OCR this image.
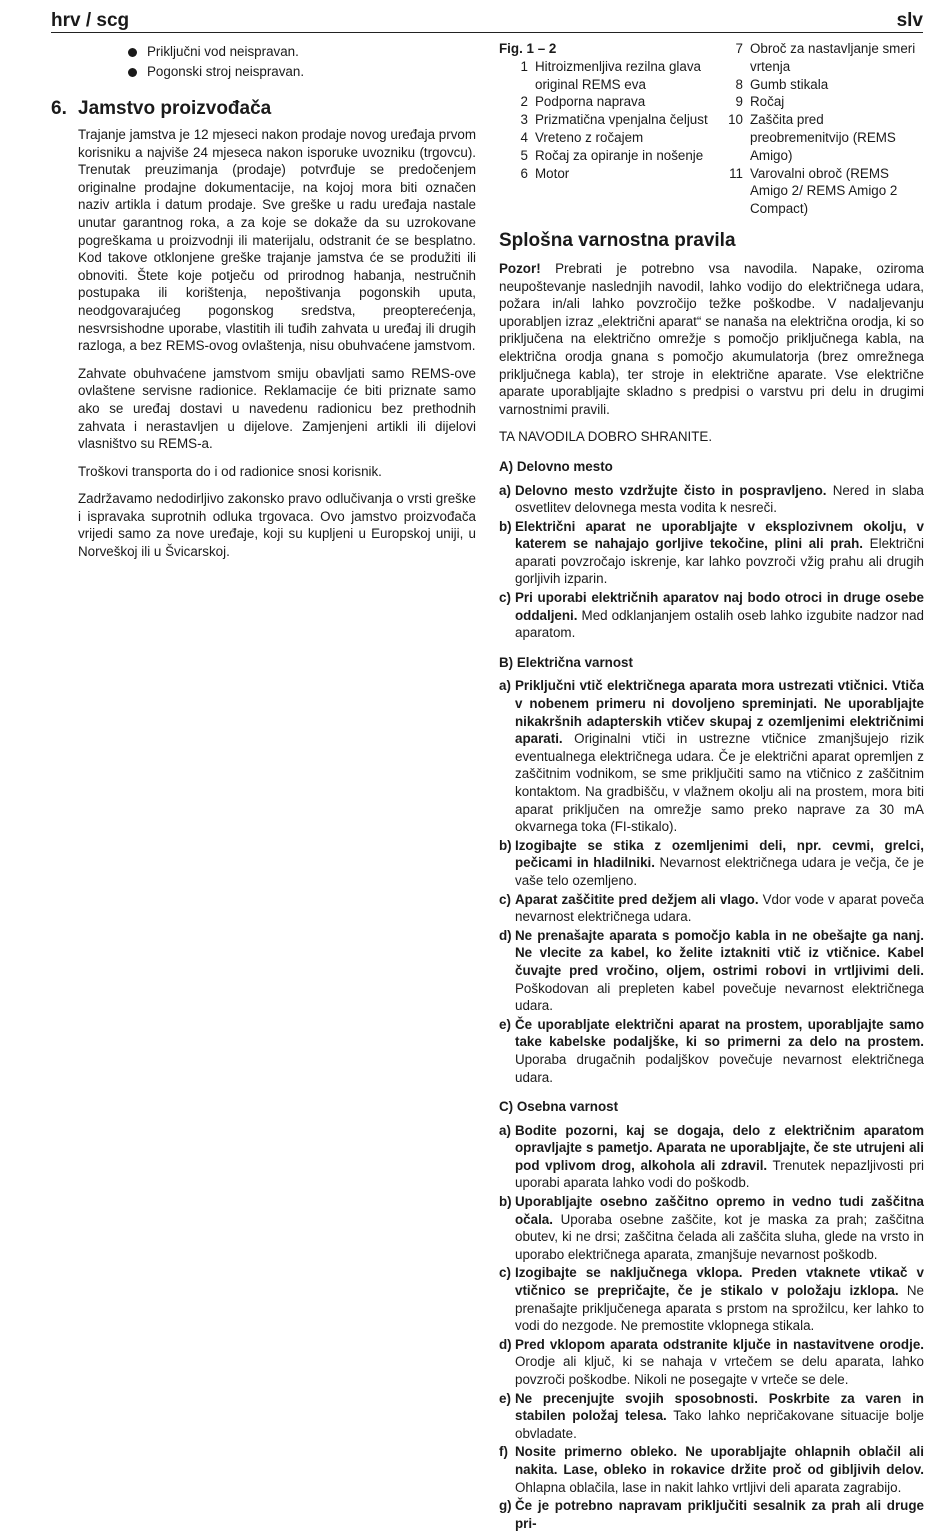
hrv / scg	slv
Priključni vod neispravan.
Pogonski stroj neispravan.
6. Jamstvo proizvođača

Trajanje jamstva je 12 mjeseci nakon prodaje novog uređaja prvom korisniku a najviše 24 mjeseca nakon isporuke uvozniku (trgovcu). Trenutak preuzimanja (prodaje) potvrđuje se predočenjem originalne prodajne dokumentacije, na kojoj mora biti označen naziv artikla i datum prodaje. Sve greške u radu uređaja nastale unutar garantnog roka, a za koje se dokaže da su uzrokovane pogreškama u proizvodnji ili materijalu, odstranit će se besplatno. Kod takove otklonjene greške trajanje jamstva će se produžiti ili obnoviti. Štete koje potječu od prirodnog habanja, nestručnih postupaka ili korištenja, nepoštivanja pogonskih uputa, neodgovarajućeg pogonskog sredstva, preopterećenja, nesvrsishodne uporabe, vlastitih ili tuđih zahvata u uređaj ili drugih razloga, a bez REMS-ovog ovlaštenja, nisu obuhvaćene jamstvom.

Zahvate obuhvaćene jamstvom smiju obavljati samo REMS-ove ovlaštene servisne radionice. Reklamacije će biti priznate samo ako se uređaj dostavi u navedenu radionicu bez prethodnih zahvata i nerastavljen u dijelove. Zamjenjeni artikli ili dijelovi vlasništvo su REMS-a.

Troškovi transporta do i od radionice snosi korisnik.

Zadržavamo nedodirljivo zakonsko pravo odlučivanja o vrsti greške i ispravaka suprotnih odluka trgovaca. Ovo jamstvo proizvođača vrijedi samo za nove uređaje, koji su kupljeni u Europskoj uniji, u Norveškoj ili u Švicarskoj.

Fig. 1 – 2
1 Hitroizmenljiva rezilna glava original REMS eva
2 Podporna naprava
3 Prizmatična vpenjalna čeljust
4 Vreteno z ročajem
5 Ročaj za opiranje in nošenje
6 Motor
7 Obroč za nastavljanje smeri vrtenja
8 Gumb stikala
9 Ročaj
10 Zaščita pred preobremenitvijo (REMS Amigo)
11 Varovalni obroč (REMS Amigo 2/ REMS Amigo 2 Compact)
Splošna varnostna pravila

Pozor! Prebrati je potrebno vsa navodila. Napake, oziroma neupoštevanje naslednjih navodil, lahko vodijo do električnega udara, požara in/ali lahko povzročijo težke poškodbe. V nadaljevanju uporabljen izraz „električni aparat“ se nanaša na električna orodja, ki so priključena na električno omrežje s pomočjo priključnega kabla, na električna orodja gnana s pomočjo akumulatorja (brez omrežnega priključnega kabla), ter stroje in električne aparate. Vse električne aparate uporabljajte skladno s predpisi o varstvu pri delu in drugimi varnostnimi pravili.

TA NAVODILA DOBRO SHRANITE.

A) Delovno mesto
a) Delovno mesto vzdržujte čisto in pospravljeno. Nered in slaba osvetlitev delovnega mesta vodita k nesreči.

b) Električni aparat ne uporabljajte v eksplozivnem okolju, v katerem se nahajajo gorljive tekočine, plini ali prah. Električni aparati povzročajo iskrenje, kar lahko povzroči vžig prahu ali drugih gorljivih izparin.

c) Pri uporabi električnih aparatov naj bodo otroci in druge osebe oddaljeni. Med odklanjanjem ostalih oseb lahko izgubite nadzor nad aparatom.

B) Električna varnost
a) Priključni vtič električnega aparata mora ustrezati vtičnici. Vtiča v nobenem primeru ni dovoljeno spreminjati. Ne uporabljajte nikakršnih adapterskih vtičev skupaj z ozemljenimi električnimi aparati. Originalni vtiči in ustrezne vtičnice zmanjšujejo rizik eventualnega električnega udara. Če je električni aparat opremljen z zaščitnim vodnikom, se sme priključiti samo na vtičnico z zaščitnim kontaktom. Na gradbišču, v vlažnem okolju ali na prostem, mora biti aparat priključen na omrežje samo preko naprave za 30 mA okvarnega toka (FI-stikalo).

b) Izogibajte se stika z ozemljenimi deli, npr. cevmi, grelci, pečicami in hladilniki. Nevarnost električnega udara je večja, če je vaše telo ozemljeno.

c) Aparat zaščitite pred dežjem ali vlago. Vdor vode v aparat poveča nevarnost električnega udara.

d) Ne prenašajte aparata s pomočjo kabla in ne obešajte ga nanj. Ne vlecite za kabel, ko želite iztakniti vtič iz vtičnice. Kabel čuvajte pred vročino, oljem, ostrimi robovi in vrtljivimi deli. Poškodovan ali prepleten kabel povečuje nevarnost električnega udara.

e) Če uporabljate električni aparat na prostem, uporabljajte samo take kabelske podaljške, ki so primerni za delo na prostem. Uporaba drugačnih podaljškov povečuje nevarnost električnega udara.

C) Osebna varnost
a) Bodite pozorni, kaj se dogaja, delo z električnim aparatom opravljajte s pametjo. Aparata ne uporabljajte, če ste utrujeni ali pod vplivom drog, alkohola ali zdravil. Trenutek nepazljivosti pri uporabi aparata lahko vodi do poškodb.

b) Uporabljajte osebno zaščitno opremo in vedno tudi zaščitna očala. Uporaba osebne zaščite, kot je maska za prah; zaščitna obutev, ki ne drsi; zaščitna čelada ali zaščita sluha, glede na vrsto in uporabo električnega aparata, zmanjšuje nevarnost poškodb.

c) Izogibajte se naključnega vklopa. Preden vtaknete vtikač v vtičnico se prepričajte, če je stikalo v položaju izklopa. Ne prenašajte priključenega aparata s prstom na sprožilcu, ker lahko to vodi do nezgode. Ne premostite vklopnega stikala.

d) Pred vklopom aparata odstranite ključe in nastavitvene orodje. Orodje ali ključ, ki se nahaja v vrtečem se delu aparata, lahko povzroči poškodbe. Nikoli ne posegajte v vrteče se dele.

e) Ne precenjujte svojih sposobnosti. Poskrbite za varen in stabilen položaj telesa. Tako lahko nepričakovane situacije bolje obvladate.

f) Nosite primerno obleko. Ne uporabljajte ohlapnih oblačil ali nakita. Lase, obleko in rokavice držite proč od gibljivih delov. Ohlapna oblačila, lase in nakit lahko vrtljivi deli aparata zagrabijo.

g) Če je potrebno napravam priključiti sesalnik za prah ali druge pri-
